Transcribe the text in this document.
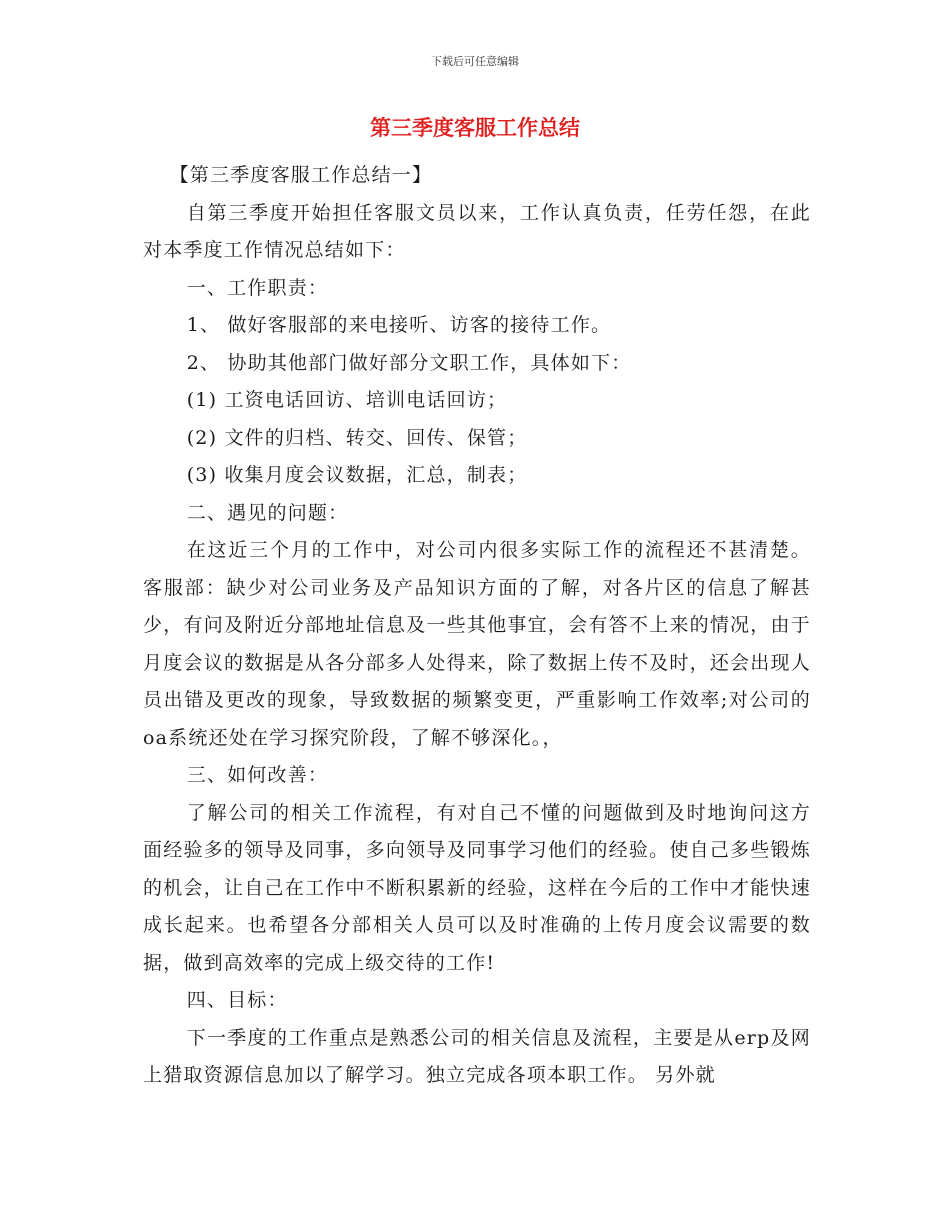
下载后可任意编辑
第三季度客服工作总结

【第三季度客服工作总结一】

自第三季度开始担任客服文员以来，工作认真负责，任劳任怨，在此对本季度工作情况总结如下：

一、工作职责：

1、 做好客服部的来电接听、访客的接待工作。

2、 协助其他部门做好部分文职工作，具体如下：

(1) 工资电话回访、培训电话回访；

(2) 文件的归档、转交、回传、保管；

(3) 收集月度会议数据，汇总，制表；

二、遇见的问题：

在这近三个月的工作中，对公司内很多实际工作的流程还不甚清楚。客服部：缺少对公司业务及产品知识方面的了解，对各片区的信息了解甚少，有问及附近分部地址信息及一些其他事宜，会有答不上来的情况，由于月度会议的数据是从各分部多人处得来，除了数据上传不及时，还会出现人员出错及更改的现象，导致数据的频繁变更，严重影响工作效率;对公司的oa系统还处在学习探究阶段，了解不够深化。，

三、如何改善：

了解公司的相关工作流程，有对自己不懂的问题做到及时地询问这方面经验多的领导及同事，多向领导及同事学习他们的经验。使自己多些锻炼的机会，让自己在工作中不断积累新的经验，这样在今后的工作中才能快速成长起来。也希望各分部相关人员可以及时准确的上传月度会议需要的数据，做到高效率的完成上级交待的工作!

四、目标：

下一季度的工作重点是熟悉公司的相关信息及流程，主要是从erp及网上猎取资源信息加以了解学习。独立完成各项本职工作。 另外就
